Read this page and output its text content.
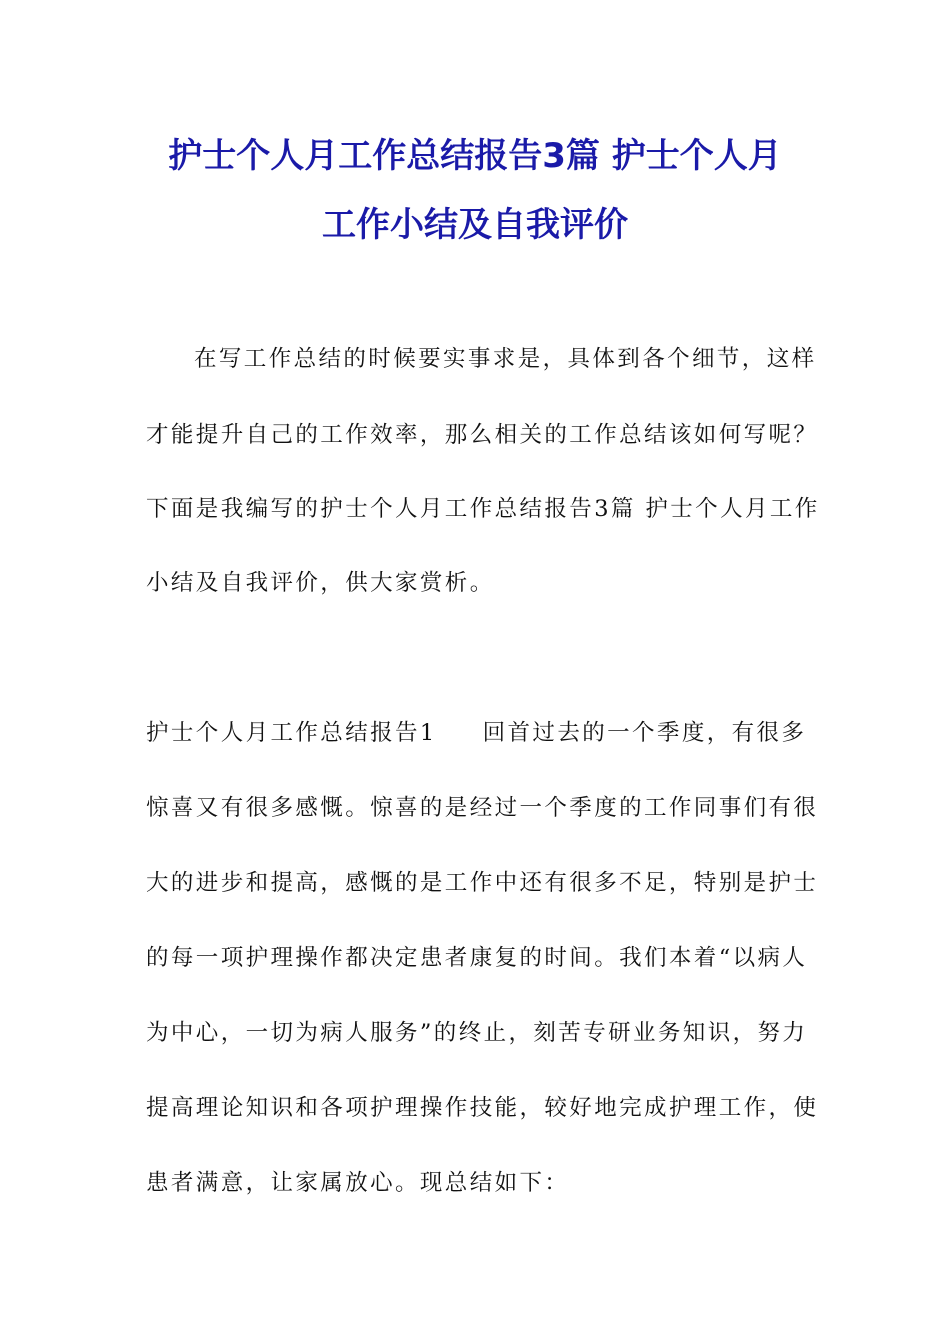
护士个人月工作总结报告3篇 护士个人月
工作小结及自我评价
在写工作总结的时候要实事求是，具体到各个细节，这样
才能提升自己的工作效率，那么相关的工作总结该如何写呢？
下面是我编写的护士个人月工作总结报告3篇 护士个人月工作
小结及自我评价，供大家赏析。
护士个人月工作总结报告1 回首过去的一个季度，有很多
惊喜又有很多感慨。惊喜的是经过一个季度的工作同事们有很
大的进步和提高，感慨的是工作中还有很多不足，特别是护士
的每一项护理操作都决定患者康复的时间。我们本着“以病人
为中心，一切为病人服务”的终止，刻苦专研业务知识，努力
提高理论知识和各项护理操作技能，较好地完成护理工作，使
患者满意，让家属放心。现总结如下：
